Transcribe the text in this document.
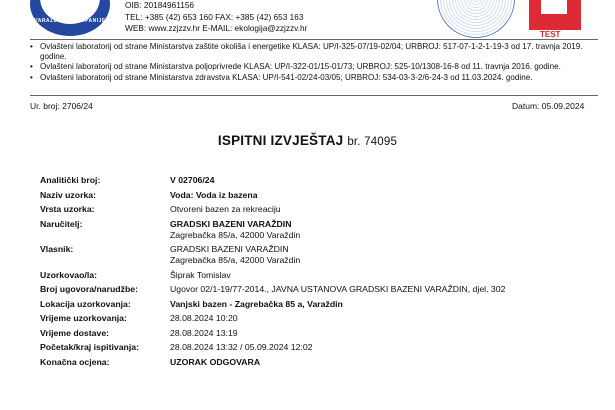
VARAŽDINSKE ŽUPANIJE
OIB: 20184961156
TEL: +385 (42) 653 160 FAX: +385 (42) 653 163
WEB: www.zzjzzv.hr E-MAIL: ekologija@zzjzzv.hr
TEST
• Ovlašteni laboratorij od strane Ministarstva zaštite okoliša i energetike KLASA: UP/I-325-07/19-02/04; URBROJ: 517-07-1-2-1-19-3 od 17. travnja 2019. godine.
• Ovlašteni laboratorij od strane Ministarstva poljoprivrede KLASA: UP/I-322-01/15-01/73; URBROJ: 525-10/1308-16-8 od 11. travnja 2016. godine.
• Ovlašteni laboratorij od strane Ministarstva zdravstva KLASA: UP/I-541-02/24-03/05; URBROJ: 534-03-3-2/6-24-3 od 11.03.2024. godine.
Ur. broj: 2706/24	Datum: 05.09.2024
ISPITNI IZVJEŠTAJ br. 74095
Analitički broj:	V 02706/24

Naziv uzorka:	Voda: Voda iz bazena

Vrsta uzorka:	Otvoreni bazen za rekreaciju

Naručitelj:	GRADSKI BAZENI VARAŽDIN
Zagrebačka 85/a, 42000 Varaždin

Vlasnik:	GRADSKI BAZENI VARAŽDIN
Zagrebačka 85/a, 42000 Varaždin

Uzorkovao/la:	Šiprak Tomislav

Broj ugovora/narudžbe:	Ugovor 02/1-19/77-2014., JAVNA USTANOVA GRADSKI BAZENI VARAŽDIN, djel. 302

Lokacija uzorkovanja:	Vanjski bazen - Zagrebačka 85 a, Varaždin

Vrijeme uzorkovanja:	28.08.2024 10:20

Vrijeme dostave:	28.08.2024 13:19

Početak/kraj ispitivanja:	28.08.2024 13:32 / 05.09.2024 12:02

Konačna ocjena:	UZORAK ODGOVARA
